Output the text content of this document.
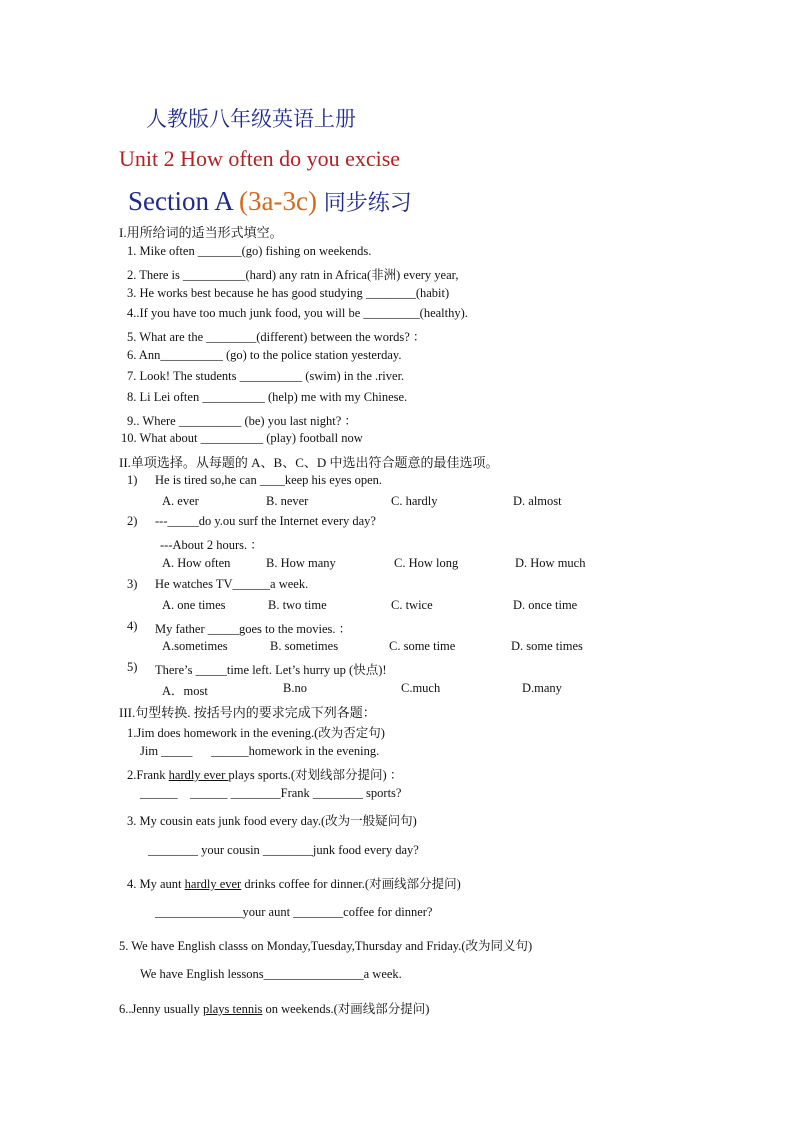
人教版八年级英语上册
Unit 2 How often do you excise
Section A (3a-3c) 同步练习
I.用所给词的适当形式填空。
1. Mike often _______(go) fishing on weekends.
2. There is __________(hard) any ratn in Africa(非洲) every year,
3. He works best because he has good studying ________(habit)
4..If you have too much junk food, you will be _________(healthy).
5. What are the ________(different) between the words? ：
6. Ann__________ (go) to the police station yesterday.
7. Look! The students __________ (swim) in the .river.
8. Li Lei often __________ (help) me with my Chinese.
9.. Where __________ (be) you last night? ：
10. What about __________ (play) football now
II.单项选择。从每题的 A、B、C、D 中选出符合题意的最佳选项。
1) He is tired so,he can ____keep his eyes open.
A. ever	B. never	C. hardly	D. almost
2) ---_____do y.ou surf the Internet every day?
---About 2 hours. ：
A. How often	B. How many	C. How long	D. How much
3) He watches TV______a week.
A. one times	B. two time	C. twice	D. once time
4) My father _____goes to the movies. ：
A.sometimes	B. sometimes	C. some time	D. some times
5) There’s _____time left. Let’s hurry up (快点)!
A．most	B.no	C.much	D.many
III.句型转换. 按括号内的要求完成下列各题：
1.Jim does homework in the evening.(改为否定句)
Jim _____      ______homework in the evening.
2.Frank hardly ever plays sports.(对划线部分提问) ：
______    ______ ________Frank ________ sports?
3. My cousin eats junk food every day.(改为一般疑问句)
________ your cousin ________junk food every day?
4. My aunt hardly ever drinks coffee for dinner.(对画线部分提问)
______________your aunt ________coffee for dinner?
5. We have English classs on Monday,Tuesday,Thursday and Friday.(改为同义句)
We have English lessons________________a week.
6..Jenny usually plays tennis on weekends.(对画线部分提问)
